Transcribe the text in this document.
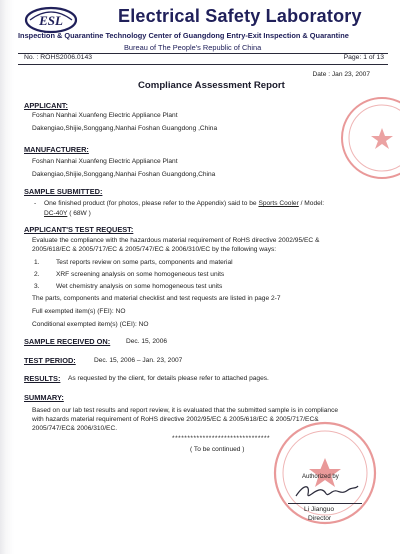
ESL	Electrical Safety Laboratory
Inspection & Quarantine Technology Center of Guangdong Entry-Exit Inspection & Quarantine
Bureau of The People's Republic of China
No. : ROHS2006.0143	Page: 1 of 13
Date : Jan 23, 2007
Compliance Assessment Report
APPLICANT:
Foshan Nanhai Xuanfeng Electric Appliance Plant
Dakengiao,Shijie,Songgang,Nanhai Foshan Guangdong ,China
MANUFACTURER:
Foshan Nanhai Xuanfeng Electric Appliance Plant
Dakengiao,Shijie,Songgang,Nanhai Foshan Guangdong,China
SAMPLE SUBMITTED:
- One finished product (for photos, please refer to the Appendix) said to be Sports Cooler / Model:
DC-40Y ( 68W )
APPLICANT'S TEST REQUEST:
Evaluate the compliance with the hazardous material requirement of RoHS directive 2002/95/EC &
2005/618/EC & 2005/717/EC & 2005/747/EC & 2006/310/EC by the following ways:
1.	Test reports review on some parts, components and material
2.	XRF screening analysis on some homogeneous test units
3.	Wet chemistry analysis on some homogeneous test units
The parts, components and material checklist and test requests are listed in page 2-7
Full exempted item(s) (FEI): NO
Conditional exempted item(s) (CEI): NO
SAMPLE RECEIVED ON: Dec. 15, 2006
TEST PERIOD:	Dec. 15, 2006 – Jan. 23, 2007
RESULTS: As requested by the client, for details please refer to attached pages.
SUMMARY:
Based on our lab test results and report review, it is evaluated that the submitted sample is in compliance
with hazards material requirement of RoHS directive 2002/95/EC & 2005/618/EC & 2005/717/EC&
2005/747/EC& 2006/310/EC.
********************************
( To be continued )
Authorized by
Li Jianguo
Director
